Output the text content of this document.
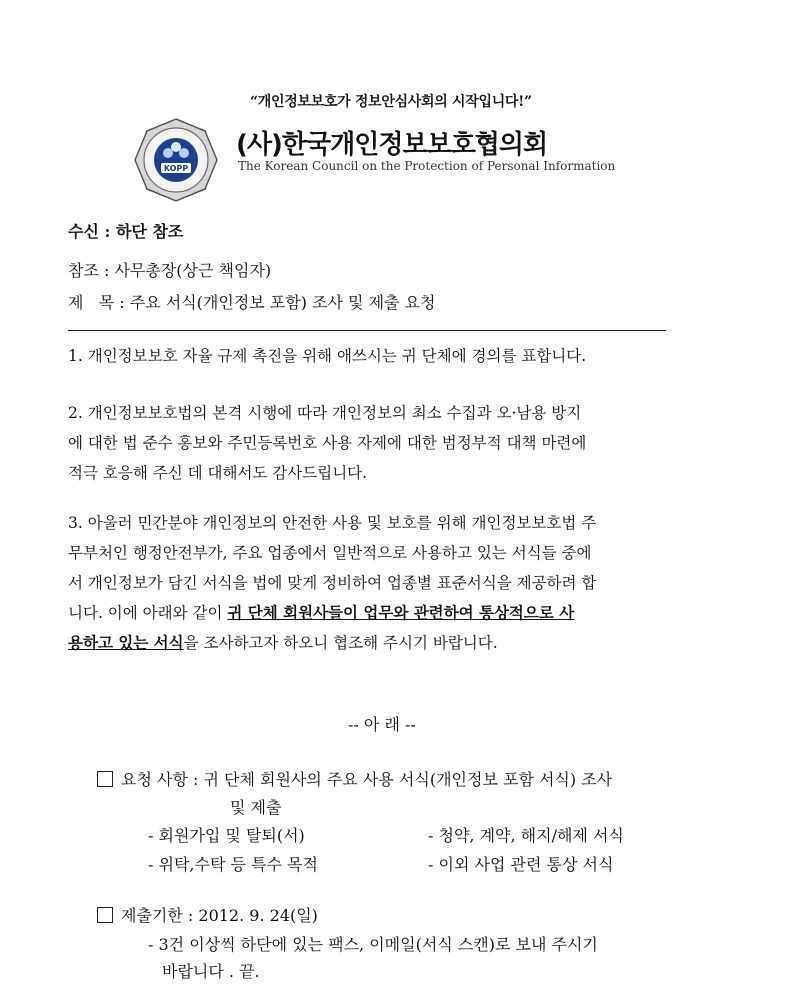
“개인정보보호가 정보안심사회의 시작입니다!”
KOPP
(사)한국개인정보보호협의회
The Korean Council on the Protection of Personal Information
수신 : 하단 참조
참조 : 사무총장(상근 책임자)
제   목 : 주요 서식(개인정보 포함) 조사 및 제출 요청

1. 개인정보보호 자율 규제 촉진을 위해 애쓰시는 귀 단체에 경의를 표합니다.

2. 개인정보보호법의 본격 시행에 따라 개인정보의 최소 수집과 오·남용 방지

에 대한 법 준수 홍보와 주민등록번호 사용 자제에 대한 범정부적 대책 마련에

적극 호응해 주신 데 대해서도 감사드립니다.

3. 아울러 민간분야 개인정보의 안전한 사용 및 보호를 위해 개인정보보호법 주

무부처인 행정안전부가, 주요 업종에서 일반적으로 사용하고 있는 서식들 중에

서 개인정보가 담긴 서식을 법에 맞게 정비하여 업종별 표준서식을 제공하려 합

니다. 이에 아래와 같이 귀 단체 회원사들이 업무와 관련하여 통상적으로 사

용하고 있는 서식을 조사하고자 하오니 협조해 주시기 바랍니다.

-- 아 래 --
요청 사항 : 귀 단체 회원사의 주요 사용 서식(개인정보 포함 서식) 조사
및 제출
- 회원가입 및 탈퇴(서)	- 청약, 계약, 해지/해제 서식
- 위탁,수탁 등 특수 목적	- 이외 사업 관련 통상 서식
제출기한 : 2012. 9. 24(일)
- 3건 이상씩 하단에 있는 팩스, 이메일(서식 스캔)로 보내 주시기
바랍니다 . 끝.
